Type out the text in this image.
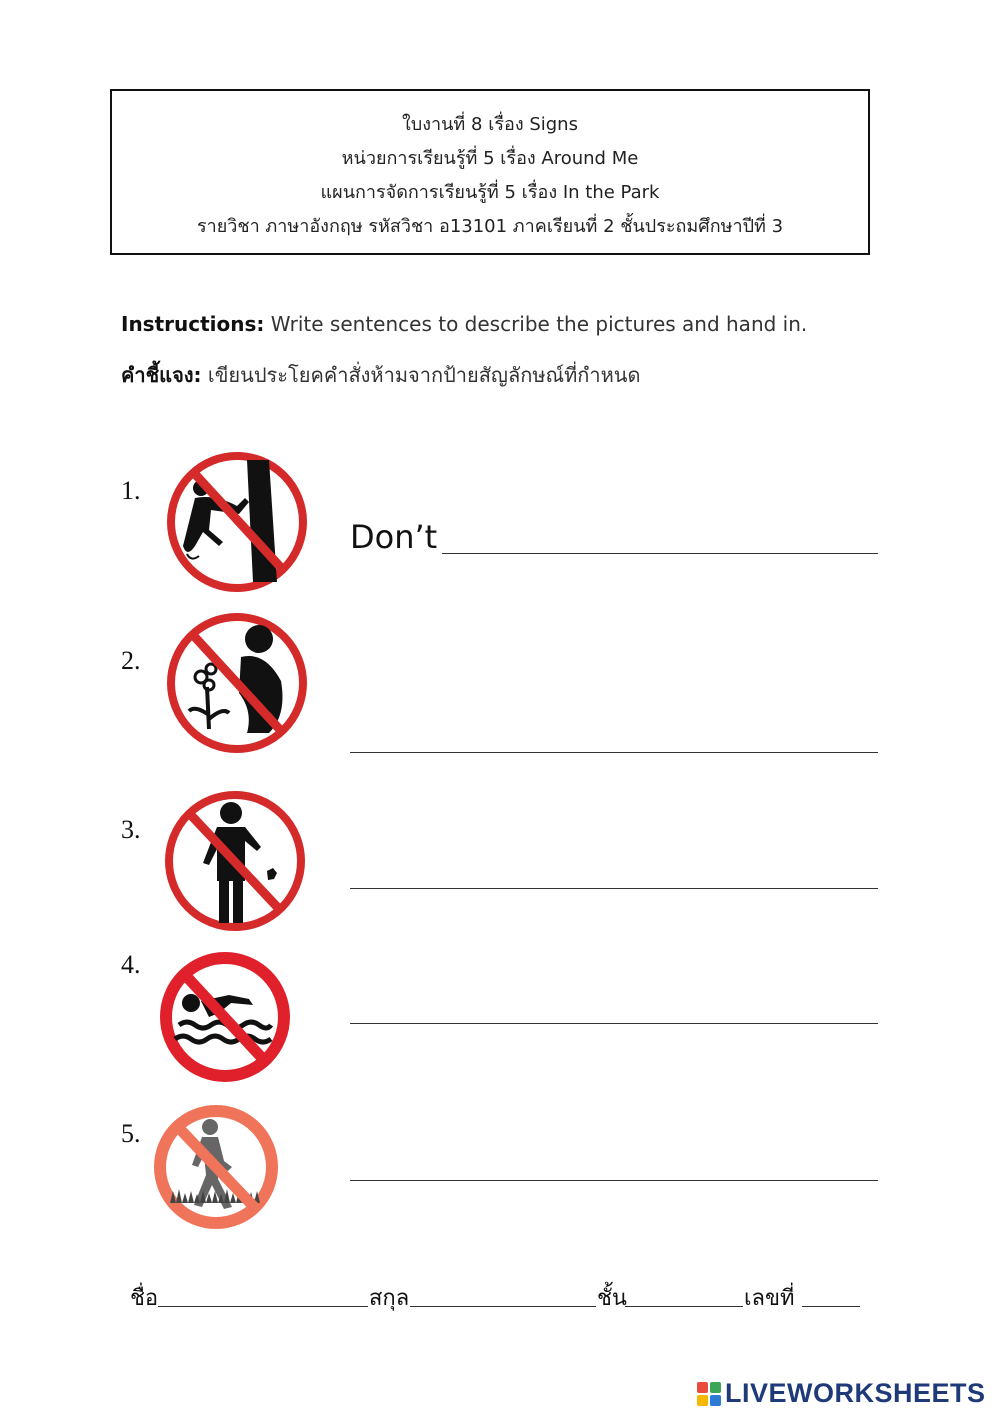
ใบงานที่ 8 เรื่อง Signs
หน่วยการเรียนรู้ที่ 5 เรื่อง Around Me
แผนการจัดการเรียนรู้ที่ 5 เรื่อง In the Park
รายวิชา ภาษาอังกฤษ รหัสวิชา อ13101 ภาคเรียนที่ 2 ชั้นประถมศึกษาปีที่ 3
Instructions: Write sentences to describe the pictures and hand in.
คำชี้แจง: เขียนประโยคคำสั่งห้ามจากป้ายสัญลักษณ์ที่กำหนด
1.
Don’t
2.
3.
4.
5.
ชื่อ	สกุล	ชั้น	เลขที่
LIVEWORKSHEETS
